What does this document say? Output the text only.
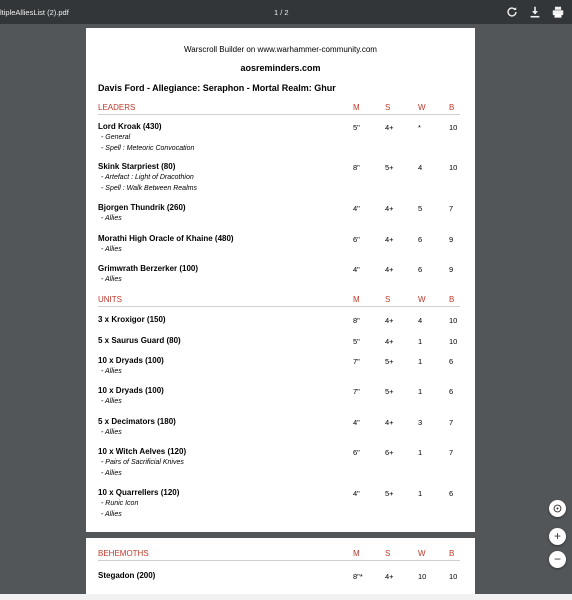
ltipleAlliesList (2).pdf	1 / 2
Warscroll Builder on www.warhammer-community.com
aosreminders.com
Davis Ford - Allegiance: Seraphon - Mortal Realm: Ghur
LEADERS	M	S	W	B
Lord Kroak (430)	5"	4+	*	10
- General
- Spell : Meteoric Convocation
Skink Starpriest (80)	8"	5+	4	10
- Artefact : Light of Dracothion
- Spell : Walk Between Realms
Bjorgen Thundrik (260)	4"	4+	5	7
- Allies
Morathi High Oracle of Khaine (480)	6"	4+	6	9
- Allies
Grimwrath Berzerker (100)	4"	4+	6	9
- Allies
UNITS	M	S	W	B
3 x Kroxigor (150)	8"	4+	4	10
5 x Saurus Guard (80)	5"	4+	1	10
10 x Dryads (100)	7"	5+	1	6
- Allies
10 x Dryads (100)	7"	5+	1	6
- Allies
5 x Decimators (180)	4"	4+	3	7
- Allies
10 x Witch Aelves (120)	6"	6+	1	7
- Pairs of Sacrificial Knives
- Allies
10 x Quarrellers (120)	4"	5+	1	6
- Runic Icon
- Allies
BEHEMOTHS	M	S	W	B
Stegadon (200)	8"*	4+	10	10
+
−
